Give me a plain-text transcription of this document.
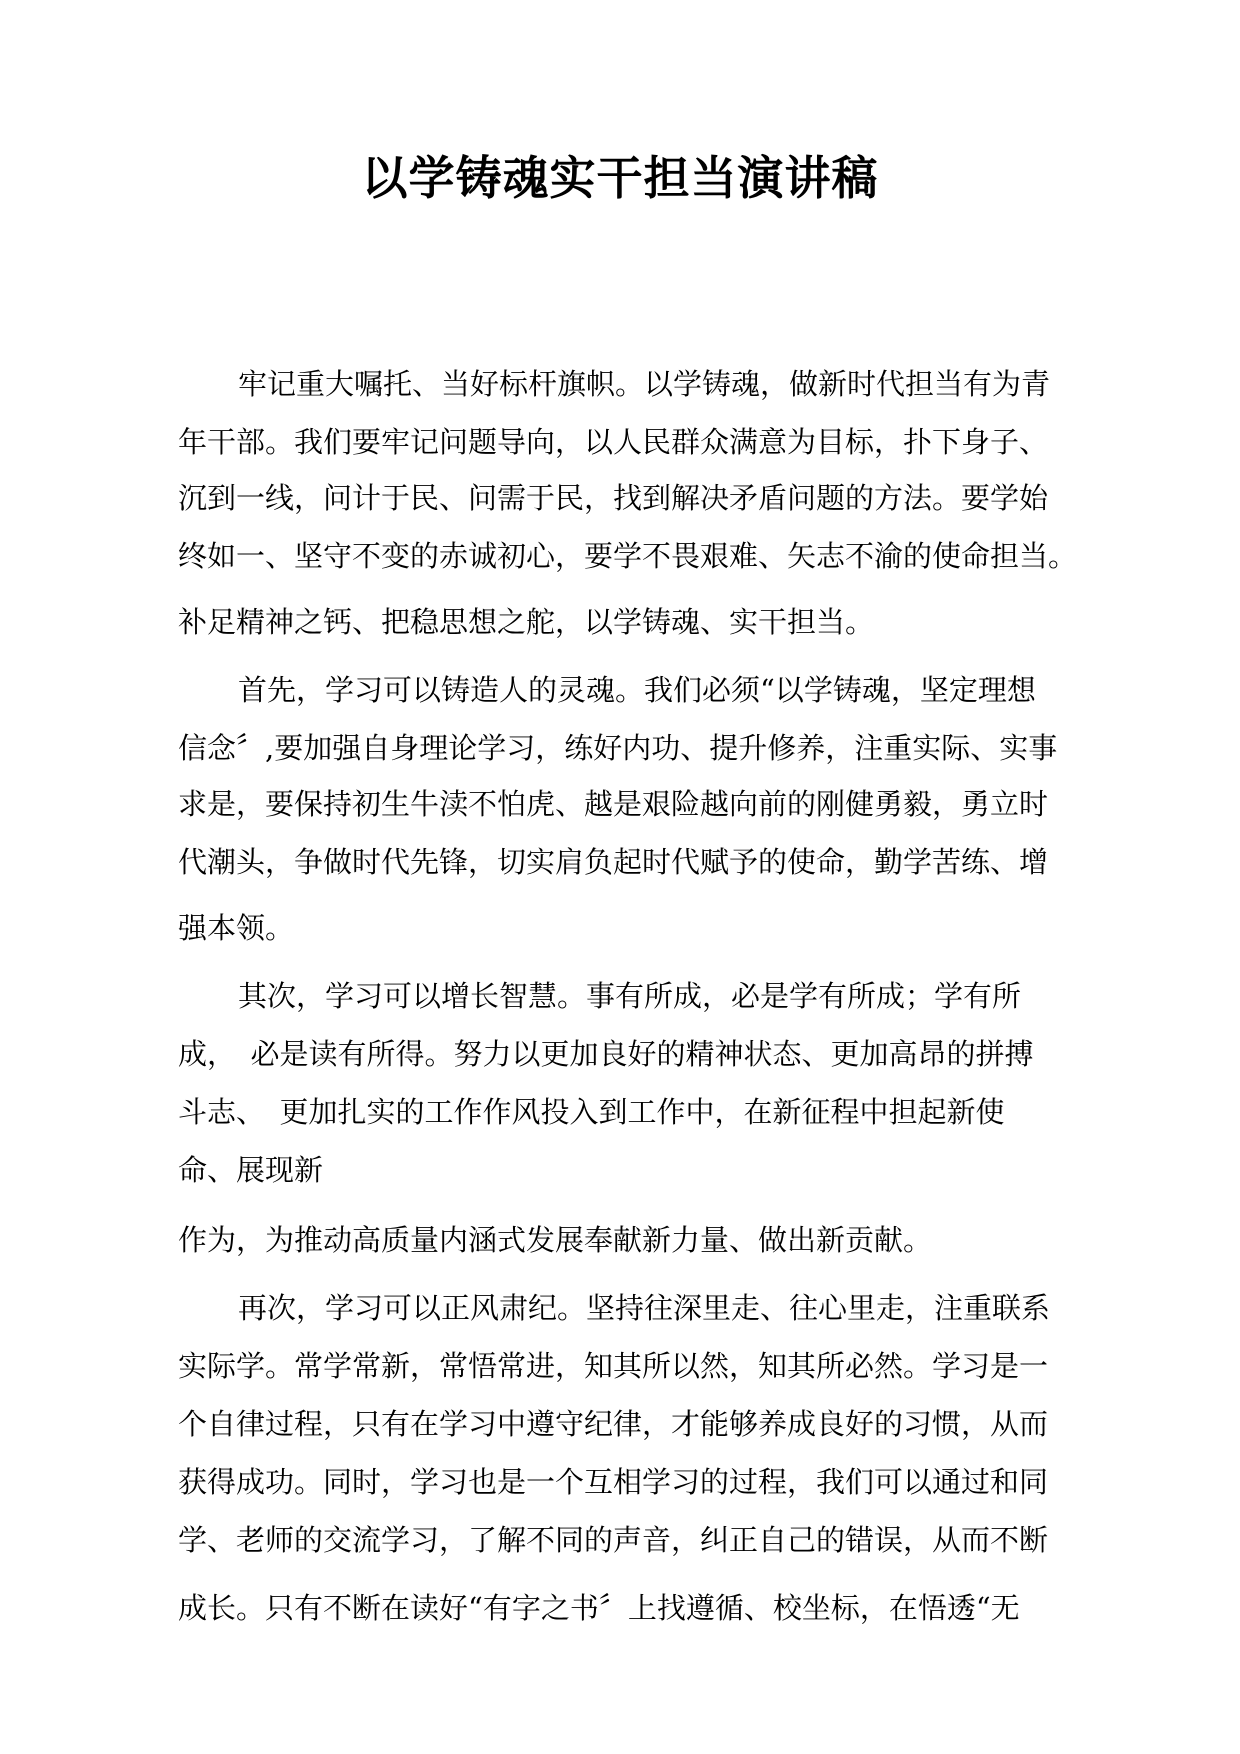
以学铸魂实干担当演讲稿
牢记重大嘱托、当好标杆旗帜。以学铸魂，做新时代担当有为青
年干部。我们要牢记问题导向，以人民群众满意为目标，扑下身子、
沉到一线，问计于民、问需于民，找到解决矛盾问题的方法。要学始
终如一、坚守不变的赤诚初心，要学不畏艰难、矢志不渝的使命担当。
补足精神之钙、把稳思想之舵，以学铸魂、实干担当。
首先，学习可以铸造人的灵魂。我们必须“以学铸魂，坚定理想
信念〞,要加强自身理论学习，练好内功、提升修养，注重实际、实事
求是，要保持初生牛渎不怕虎、越是艰险越向前的刚健勇毅，勇立时
代潮头，争做时代先锋，切实肩负起时代赋予的使命，勤学苦练、增
强本领。
其次，学习可以增长智慧。事有所成，必是学有所成；学有所
成，　必是读有所得。努力以更加良好的精神状态、更加高昂的拼搏
斗志、　更加扎实的工作作风投入到工作中，在新征程中担起新使
命、展现新
作为，为推动高质量内涵式发展奉献新力量、做出新贡献。
再次，学习可以正风肃纪。坚持往深里走、往心里走，注重联系
实际学。常学常新，常悟常进，知其所以然，知其所必然。学习是一
个自律过程，只有在学习中遵守纪律，才能够养成良好的习惯，从而
获得成功。同时，学习也是一个互相学习的过程，我们可以通过和同
学、老师的交流学习，了解不同的声音，纠正自己的错误，从而不断
成长。只有不断在读好“有字之书〞上找遵循、校坐标，在悟透“无
